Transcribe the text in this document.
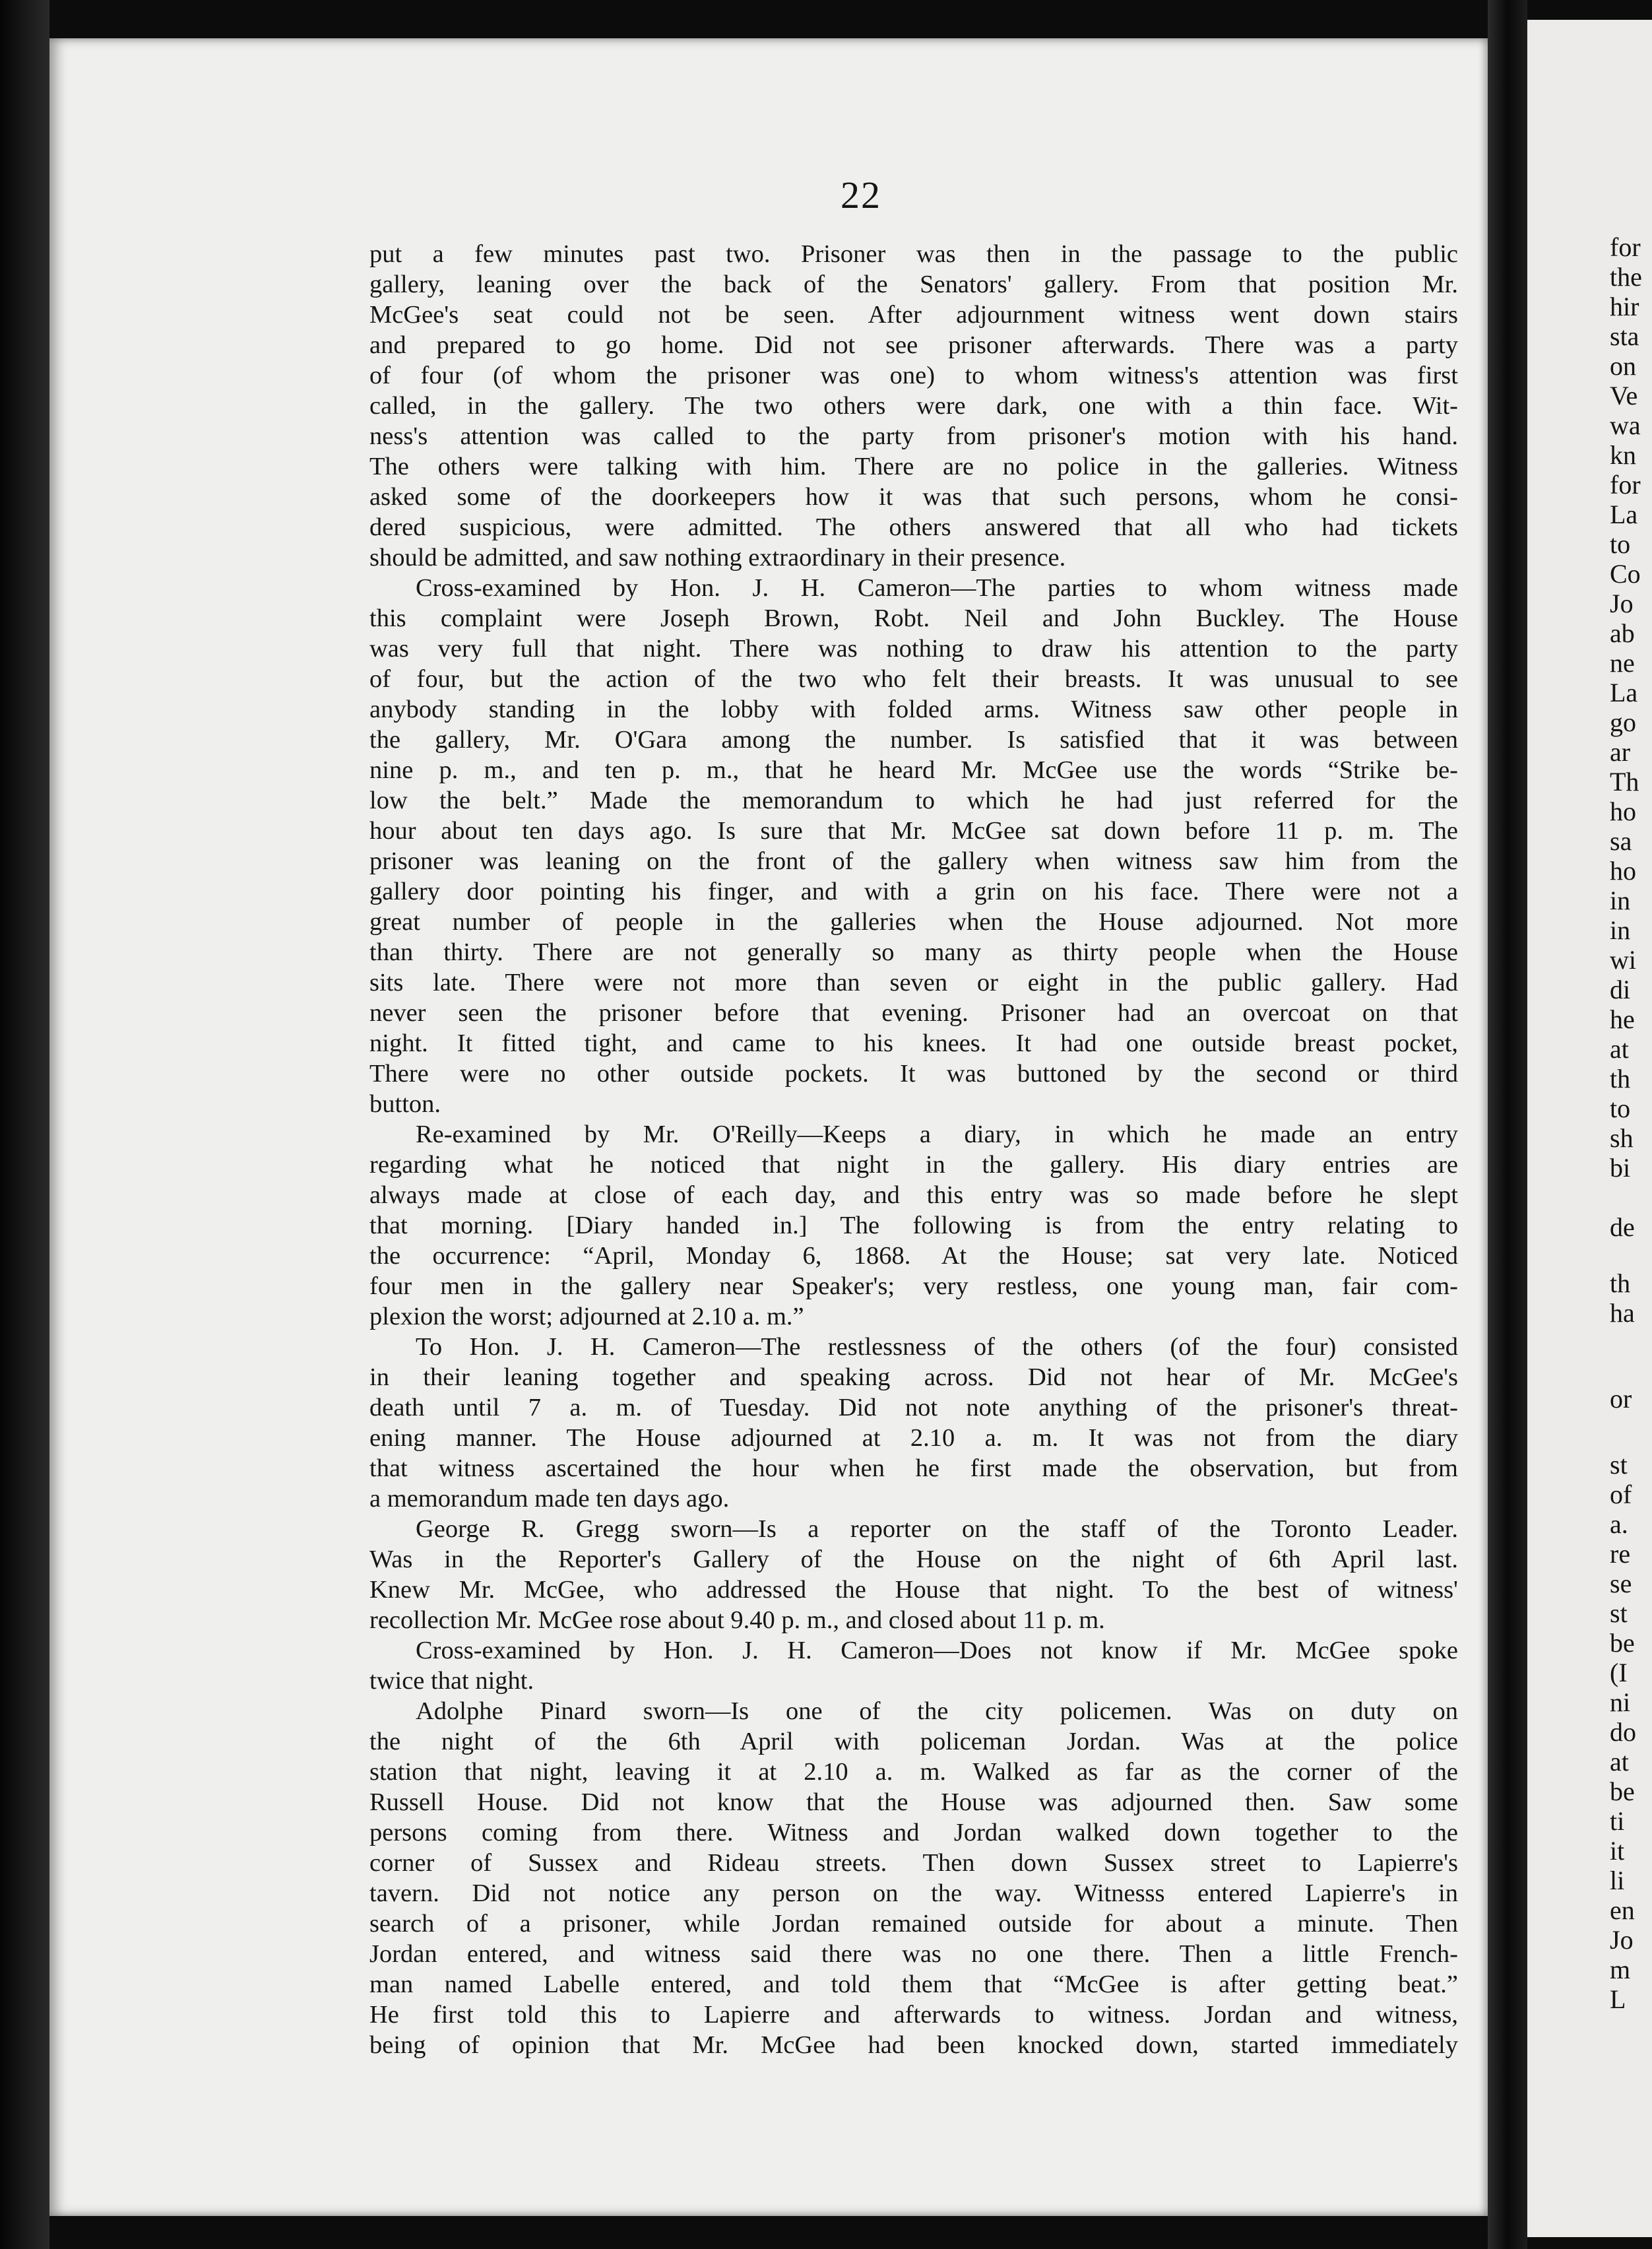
22
put a few minutes past two. Prisoner was then in the passage to the public
gallery, leaning over the back of the Senators' gallery. From that position Mr.
McGee's seat could not be seen. After adjournment witness went down stairs
and prepared to go home. Did not see prisoner afterwards. There was a party
of four (of whom the prisoner was one) to whom witness's attention was first
called, in the gallery. The two others were dark, one with a thin face. Wit-
ness's attention was called to the party from prisoner's motion with his hand.
The others were talking with him. There are no police in the galleries. Witness
asked some of the doorkeepers how it was that such persons, whom he consi-
dered suspicious, were admitted. The others answered that all who had tickets
should be admitted, and saw nothing extraordinary in their presence.
Cross-examined by Hon. J. H. Cameron—The parties to whom witness made
this complaint were Joseph Brown, Robt. Neil and John Buckley. The House
was very full that night. There was nothing to draw his attention to the party
of four, but the action of the two who felt their breasts. It was unusual to see
anybody standing in the lobby with folded arms. Witness saw other people in
the gallery, Mr. O'Gara among the number. Is satisfied that it was between
nine p. m., and ten p. m., that he heard Mr. McGee use the words “Strike be-
low the belt.” Made the memorandum to which he had just referred for the
hour about ten days ago. Is sure that Mr. McGee sat down before 11 p. m. The
prisoner was leaning on the front of the gallery when witness saw him from the
gallery door pointing his finger, and with a grin on his face. There were not a
great number of people in the galleries when the House adjourned. Not more
than thirty. There are not generally so many as thirty people when the House
sits late. There were not more than seven or eight in the public gallery. Had
never seen the prisoner before that evening. Prisoner had an overcoat on that
night. It fitted tight, and came to his knees. It had one outside breast pocket,
There were no other outside pockets. It was buttoned by the second or third
button.
Re-examined by Mr. O'Reilly—Keeps a diary, in which he made an entry
regarding what he noticed that night in the gallery. His diary entries are
always made at close of each day, and this entry was so made before he slept
that morning. [Diary handed in.] The following is from the entry relating to
the occurrence: “April, Monday 6, 1868. At the House; sat very late. Noticed
four men in the gallery near Speaker's; very restless, one young man, fair com-
plexion the worst; adjourned at 2.10 a. m.”
To Hon. J. H. Cameron—The restlessness of the others (of the four) consisted
in their leaning together and speaking across. Did not hear of Mr. McGee's
death until 7 a. m. of Tuesday. Did not note anything of the prisoner's threat-
ening manner. The House adjourned at 2.10 a. m. It was not from the diary
that witness ascertained the hour when he first made the observation, but from
a memorandum made ten days ago.
George R. Gregg sworn—Is a reporter on the staff of the Toronto Leader.
Was in the Reporter's Gallery of the House on the night of 6th April last.
Knew Mr. McGee, who addressed the House that night. To the best of witness'
recollection Mr. McGee rose about 9.40 p. m., and closed about 11 p. m.
Cross-examined by Hon. J. H. Cameron—Does not know if Mr. McGee spoke
twice that night.
Adolphe Pinard sworn—Is one of the city policemen. Was on duty on
the night of the 6th April with policeman Jordan. Was at the police
station that night, leaving it at 2.10 a. m. Walked as far as the corner of the
Russell House. Did not know that the House was adjourned then. Saw some
persons coming from there. Witness and Jordan walked down together to the
corner of Sussex and Rideau streets. Then down Sussex street to Lapierre's
tavern. Did not notice any person on the way. Witnesss entered Lapierre's in
search of a prisoner, while Jordan remained outside for about a minute. Then
Jordan entered, and witness said there was no one there. Then a little French-
man named Labelle entered, and told them that “McGee is after getting beat.”
He first told this to Lapierre and afterwards to witness. Jordan and witness,
being of opinion that Mr. McGee had been knocked down, started immediately
for
the
hir
sta
on
Ve
wa
kn
for
La
to
Co
Jo
ab
ne
La
go
ar
Th
ho
sa
ho
in
in
wi
di
he
at
th
to
sh
bi
de
th
ha
or
st
of
a.
re
se
st
be
(I
ni
do
at
be
ti
it
li
en
Jo
m
L
